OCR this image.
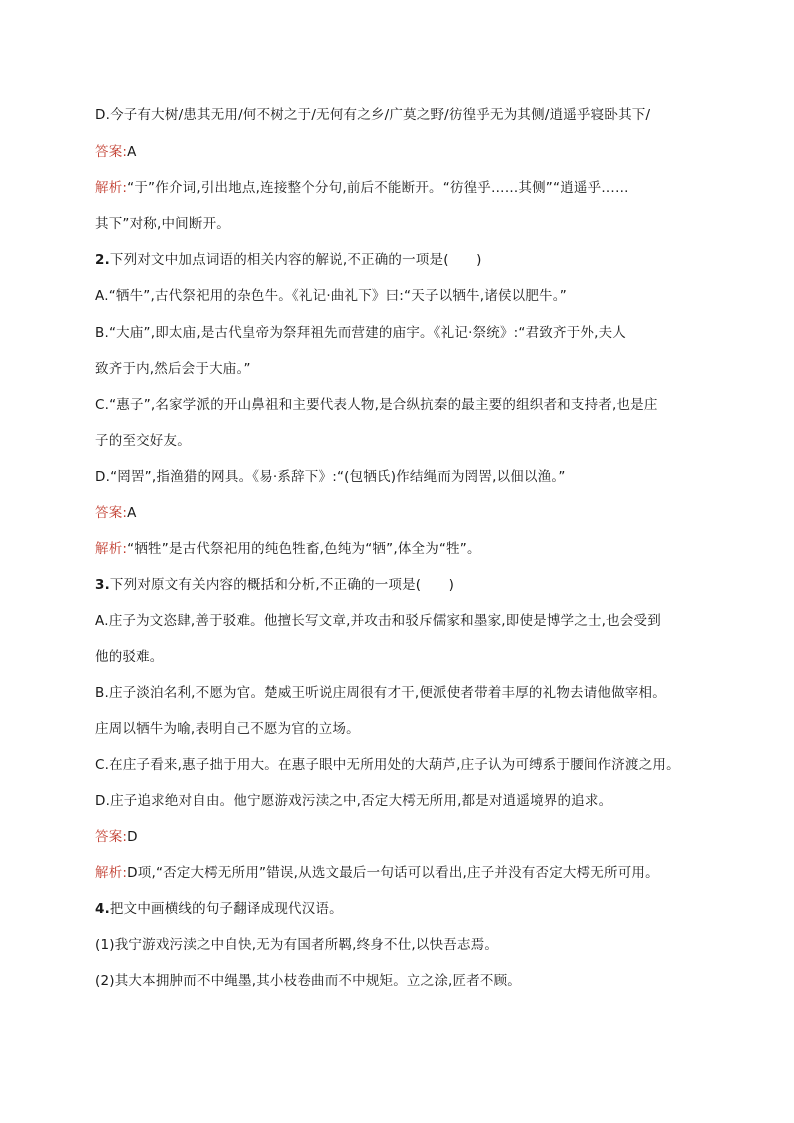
D.今子有大树/患其无用/何不树之于/无何有之乡/广莫之野/彷徨乎无为其侧/逍遥乎寝卧其下/
答案:A
解析:“于”作介词,引出地点,连接整个分句,前后不能断开。“彷徨乎……其侧”“逍遥乎……
其下”对称,中间断开。
2.下列对文中加点词语的相关内容的解说,不正确的一项是(　　)
A.“牺牛”,古代祭祀用的杂色牛。《礼记·曲礼下》曰:“天子以牺牛,诸侯以肥牛。”
B.“大庙”,即太庙,是古代皇帝为祭拜祖先而营建的庙宇。《礼记·祭统》:“君致齐于外,夫人
致齐于内,然后会于大庙。”
C.“惠子”,名家学派的开山鼻祖和主要代表人物,是合纵抗秦的最主要的组织者和支持者,也是庄
子的至交好友。
D.“罔罟”,指渔猎的网具。《易·系辞下》:“(包牺氏)作结绳而为罔罟,以佃以渔。”
答案:A
解析:“牺牲”是古代祭祀用的纯色牲畜,色纯为“牺”,体全为“牲”。
3.下列对原文有关内容的概括和分析,不正确的一项是(　　)
A.庄子为文恣肆,善于驳难。他擅长写文章,并攻击和驳斥儒家和墨家,即使是博学之士,也会受到
他的驳难。
B.庄子淡泊名利,不愿为官。楚威王听说庄周很有才干,便派使者带着丰厚的礼物去请他做宰相。
庄周以牺牛为喻,表明自己不愿为官的立场。
C.在庄子看来,惠子拙于用大。在惠子眼中无所用处的大葫芦,庄子认为可缚系于腰间作济渡之用。
D.庄子追求绝对自由。他宁愿游戏污渎之中,否定大樗无所用,都是对逍遥境界的追求。
答案:D
解析:D项,“否定大樗无所用”错误,从选文最后一句话可以看出,庄子并没有否定大樗无所可用。
4.把文中画横线的句子翻译成现代汉语。
(1)我宁游戏污渎之中自快,无为有国者所羁,终身不仕,以快吾志焉。
(2)其大本拥肿而不中绳墨,其小枝卷曲而不中规矩。立之涂,匠者不顾。
